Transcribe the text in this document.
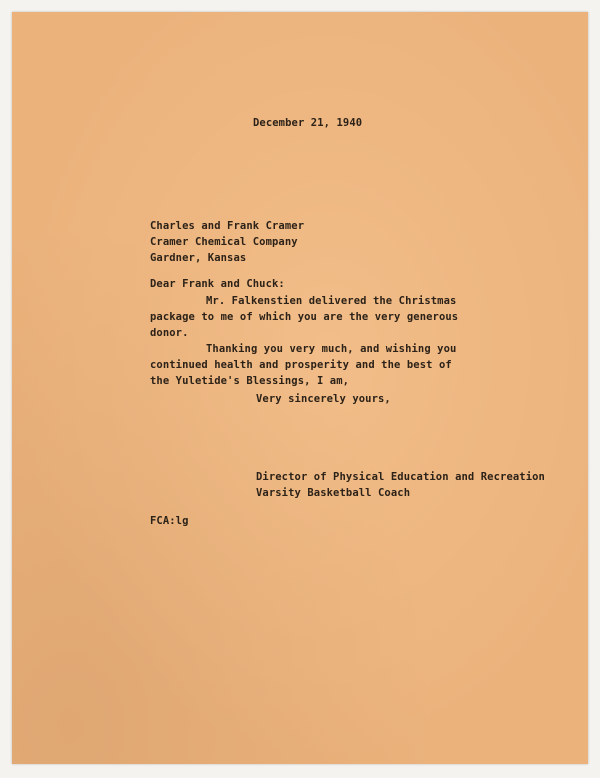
December 21, 1940

Charles and Frank Cramer

Cramer Chemical Company

Gardner, Kansas

Dear Frank and Chuck:

Mr. Falkenstien delivered the Christmas

package to me of which you are the very generous

donor.

Thanking you very much, and wishing you

continued health and prosperity and the best of

the Yuletide's Blessings, I am,

Very sincerely yours,

Director of Physical Education and Recreation

Varsity Basketball Coach

FCA:lg
